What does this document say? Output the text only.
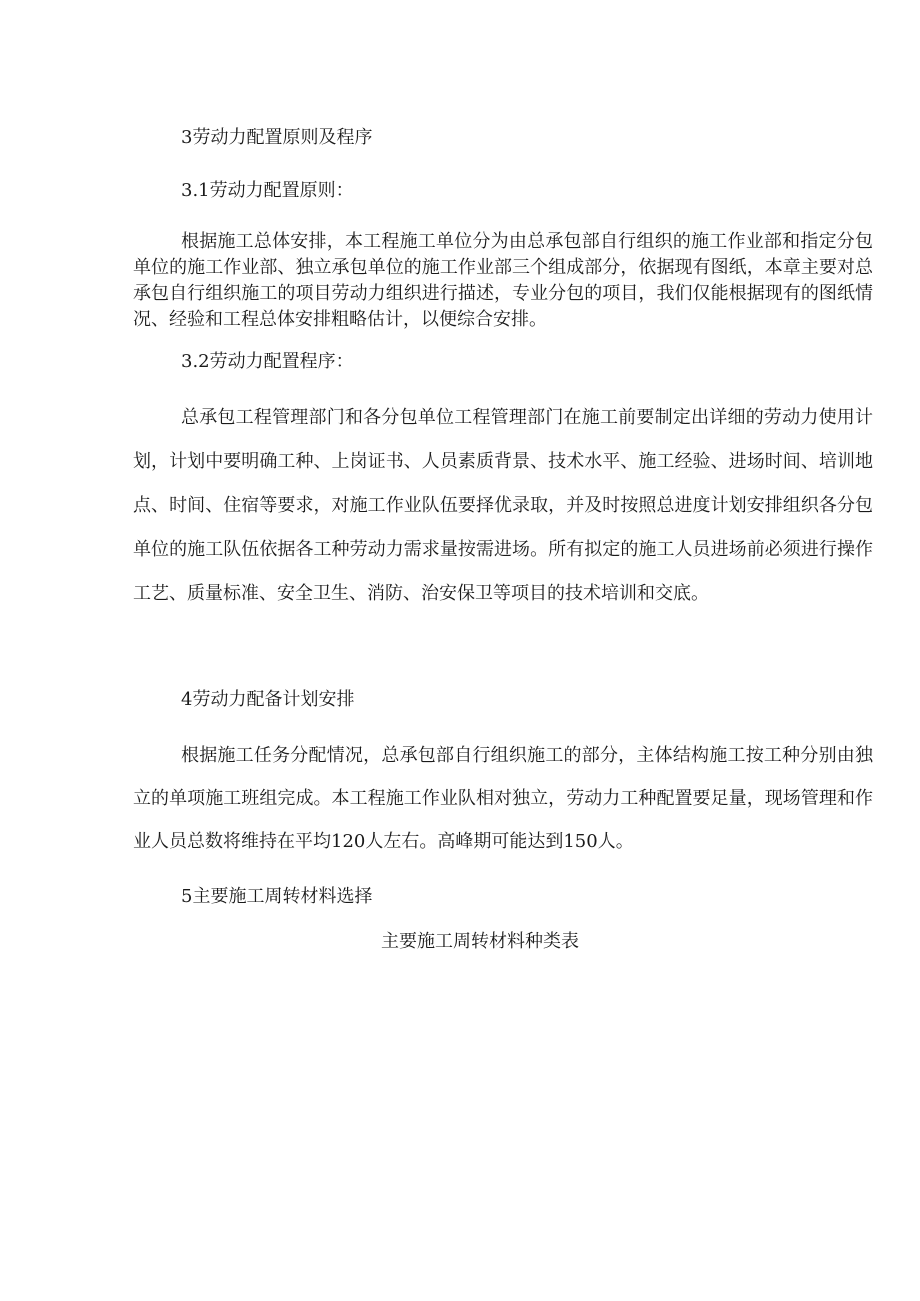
3劳动力配置原则及程序
3.1劳动力配置原则：

根据施工总体安排，本工程施工单位分为由总承包部自行组织的施工作业部和指定分包单位的施工作业部、独立承包单位的施工作业部三个组成部分，依据现有图纸，本章主要对总承包自行组织施工的项目劳动力组织进行描述，专业分包的项目，我们仅能根据现有的图纸情况、经验和工程总体安排粗略估计，以便综合安排。

3.2劳动力配置程序：

总承包工程管理部门和各分包单位工程管理部门在施工前要制定出详细的劳动力使用计划，计划中要明确工种、上岗证书、人员素质背景、技术水平、施工经验、进场时间、培训地点、时间、住宿等要求，对施工作业队伍要择优录取，并及时按照总进度计划安排组织各分包单位的施工队伍依据各工种劳动力需求量按需进场。所有拟定的施工人员进场前必须进行操作工艺、质量标准、安全卫生、消防、治安保卫等项目的技术培训和交底。

4劳动力配备计划安排

根据施工任务分配情况，总承包部自行组织施工的部分，主体结构施工按工种分别由独立的单项施工班组完成。本工程施工作业队相对独立，劳动力工种配置要足量，现场管理和作业人员总数将维持在平均120人左右。高峰期可能达到150人。

5主要施工周转材料选择
主要施工周转材料种类表
